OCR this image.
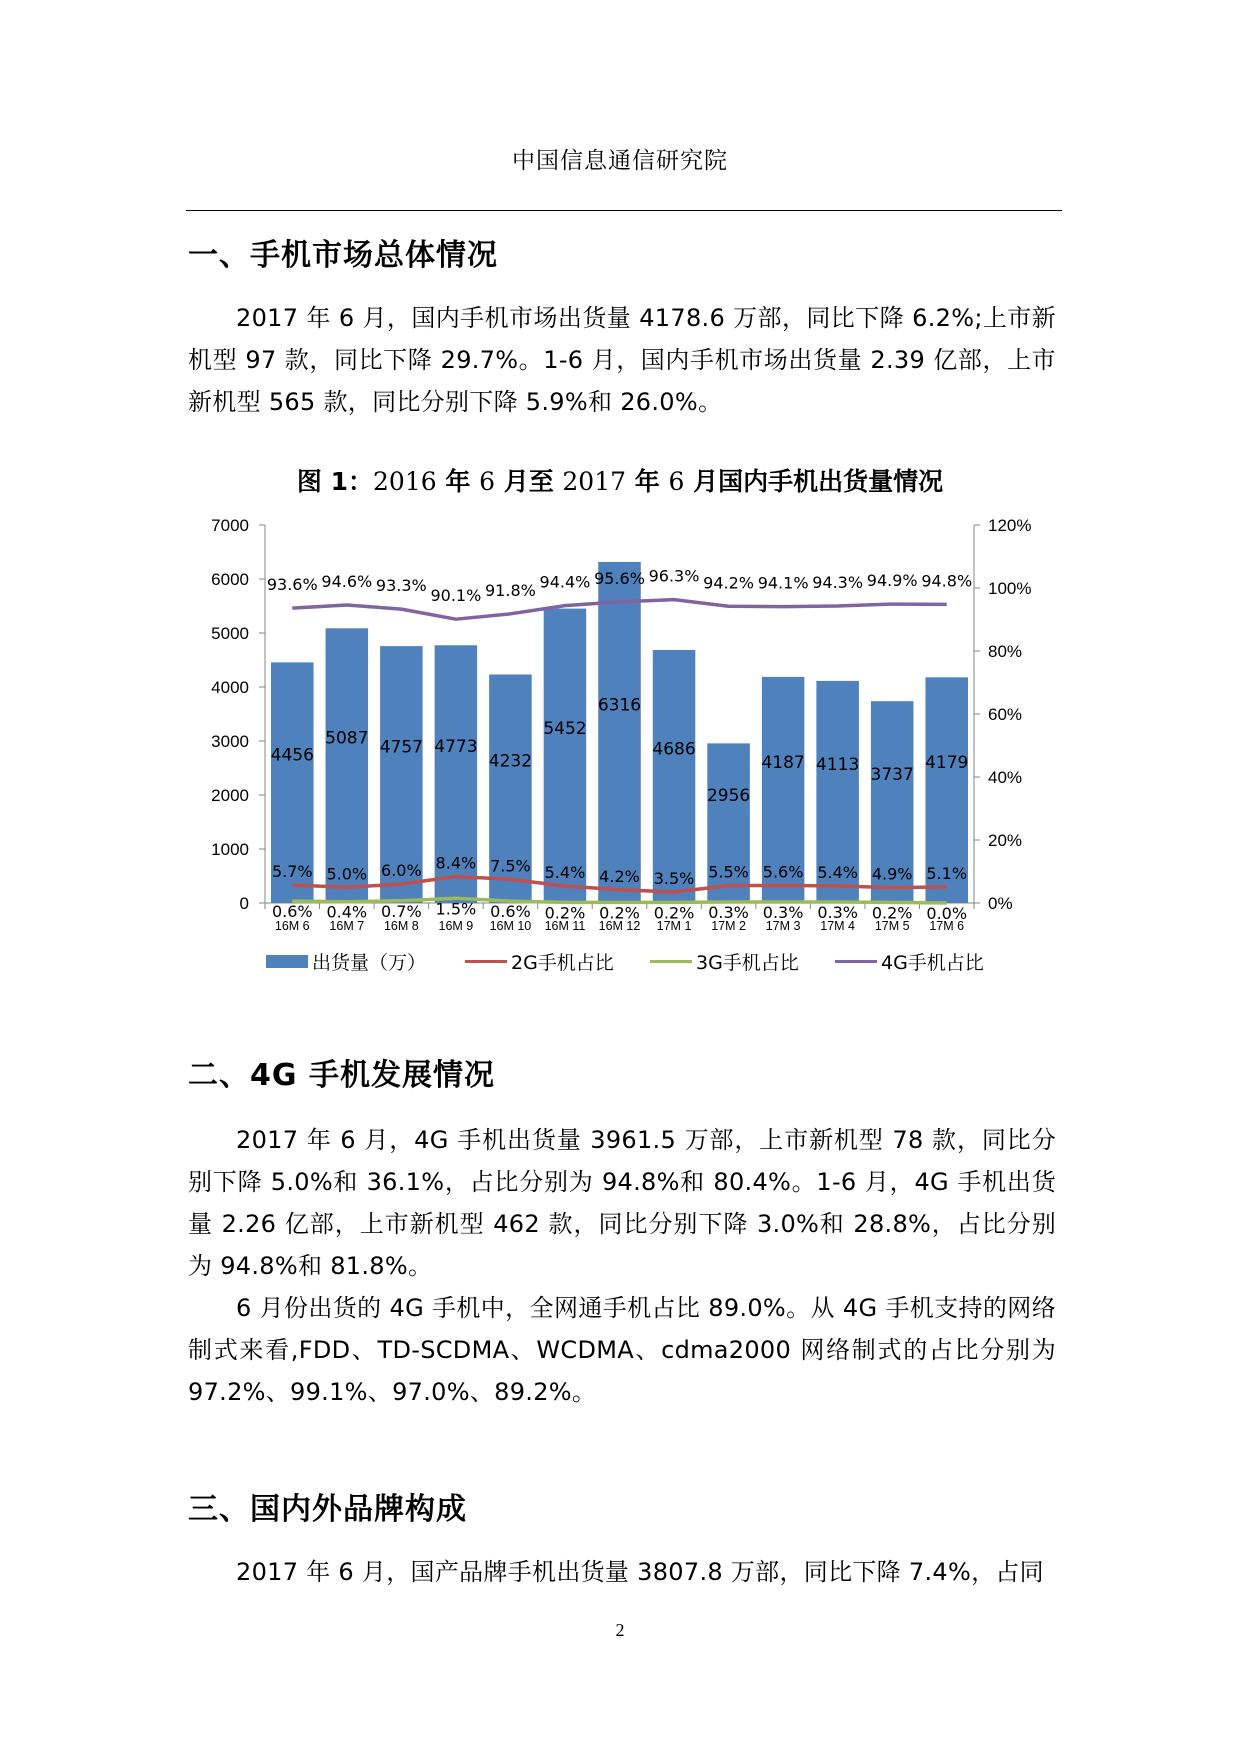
中国信息通信研究院
一、手机市场总体情况
2017 年 6 月，国内手机市场出货量 4178.6 万部，同比下降 6.2%;上市新机型 97 款，同比下降 29.7%。1-6 月，国内手机市场出货量 2.39 亿部，上市新机型 565 款，同比分别下降 5.9%和 26.0%。
图 1：2016 年 6 月至 2017 年 6 月国内手机出货量情况
0
1000
2000
3000
4000
5000
6000
7000
0%
20%
40%
60%
80%
100%
120%
16M 6 16M 7 16M 8 16M 9 16M 10 16M 11 16M 12 17M 1 17M 2 17M 3 17M 4 17M 5 17M 6
4456
5087 4757 4773
4232
5452
6316
4686
2956
4187 4113
3737
4179
5.7% 5.0% 6.0% 8.4% 7.5% 5.4% 4.2% 3.5% 5.5% 5.6% 5.4% 4.9% 5.1%
0.6% 0.4% 0.7% 1.5% 0.6% 0.2% 0.2% 0.2% 0.3% 0.3% 0.3% 0.2% 0.0%
93.6% 94.6% 93.3%
90.1% 91.8% 94.4% 95.6% 96.3% 94.2% 94.1% 94.3% 94.9% 94.8%
出货量（万）	2G手机占比	3G手机占比	4G手机占比
二、4G 手机发展情况
2017 年 6 月，4G 手机出货量 3961.5 万部，上市新机型 78 款，同比分别下降 5.0%和 36.1%，占比分别为 94.8%和 80.4%。1-6 月，4G 手机出货量 2.26 亿部，上市新机型 462 款，同比分别下降 3.0%和 28.8%，占比分别为 94.8%和 81.8%。
6 月份出货的 4G 手机中，全网通手机占比 89.0%。从 4G 手机支持的网络制式来看,FDD、TD-SCDMA、WCDMA、cdma2000 网络制式的占比分别为 97.2%、99.1%、97.0%、89.2%。
三、国内外品牌构成
2017 年 6 月，国产品牌手机出货量 3807.8 万部，同比下降 7.4%，占同
2
